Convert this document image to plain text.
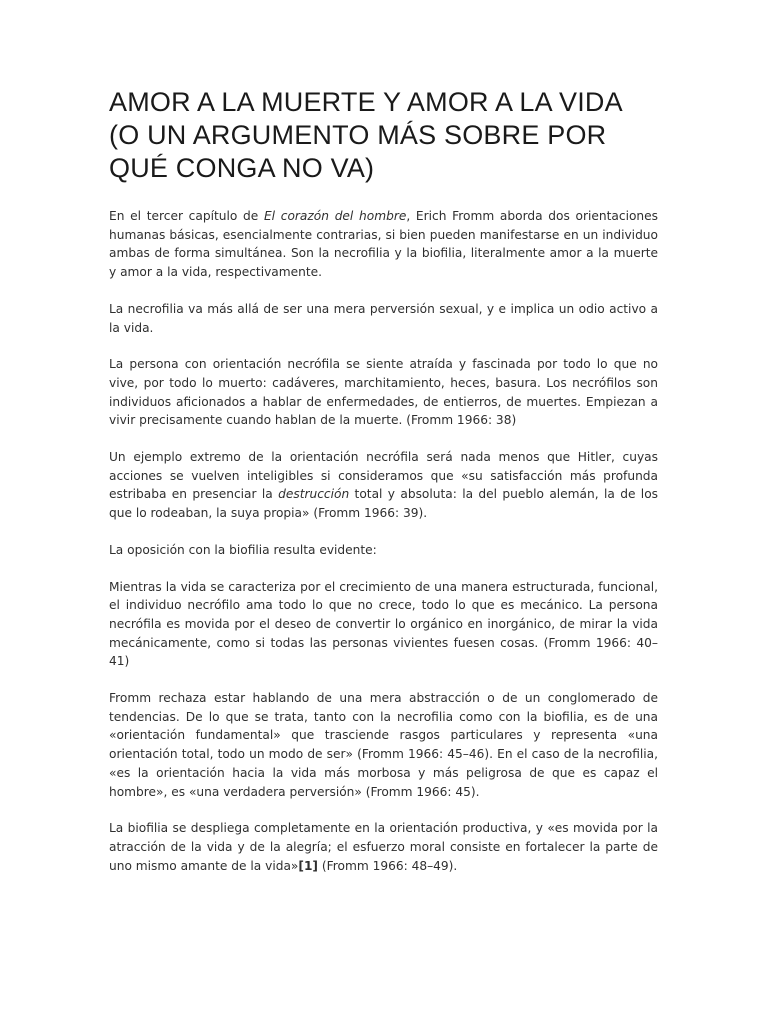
AMOR A LA MUERTE Y AMOR A LA VIDA (O UN ARGUMENTO MÁS SOBRE POR QUÉ CONGA NO VA)

En el tercer capítulo de El corazón del hombre, Erich Fromm aborda dos orientaciones humanas básicas, esencialmente contrarias, si bien pueden manifestarse en un individuo ambas de forma simultánea. Son la necrofilia y la biofilia, literalmente amor a la muerte y amor a la vida, respectivamente.

La necrofilia va más allá de ser una mera perversión sexual, y e implica un odio activo a la vida.

La persona con orientación necrófila se siente atraída y fascinada por todo lo que no vive, por todo lo muerto: cadáveres, marchitamiento, heces, basura. Los necrófilos son individuos aficionados a hablar de enfermedades, de entierros, de muertes. Empiezan a vivir precisamente cuando hablan de la muerte. (Fromm 1966: 38)

Un ejemplo extremo de la orientación necrófila será nada menos que Hitler, cuyas acciones se vuelven inteligibles si consideramos que «su satisfacción más profunda estribaba en presenciar la destrucción total y absoluta: la del pueblo alemán, la de los que lo rodeaban, la suya propia» (Fromm 1966: 39).

La oposición con la biofilia resulta evidente:

Mientras la vida se caracteriza por el crecimiento de una manera estructurada, funcional, el individuo necrófilo ama todo lo que no crece, todo lo que es mecánico. La persona necrófila es movida por el deseo de convertir lo orgánico en inorgánico, de mirar la vida mecánicamente, como si todas las personas vivientes fuesen cosas. (Fromm 1966: 40–41)

Fromm rechaza estar hablando de una mera abstracción o de un conglomerado de tendencias. De lo que se trata, tanto con la necrofilia como con la biofilia, es de una «orientación fundamental» que trasciende rasgos particulares y representa «una orientación total, todo un modo de ser» (Fromm 1966: 45–46). En el caso de la necrofilia, «es la orientación hacia la vida más morbosa y más peligrosa de que es capaz el hombre», es «una verdadera perversión» (Fromm 1966: 45).

La biofilia se despliega completamente en la orientación productiva, y «es movida por la atracción de la vida y de la alegría; el esfuerzo moral consiste en fortalecer la parte de uno mismo amante de la vida»[1] (Fromm 1966: 48–49).
